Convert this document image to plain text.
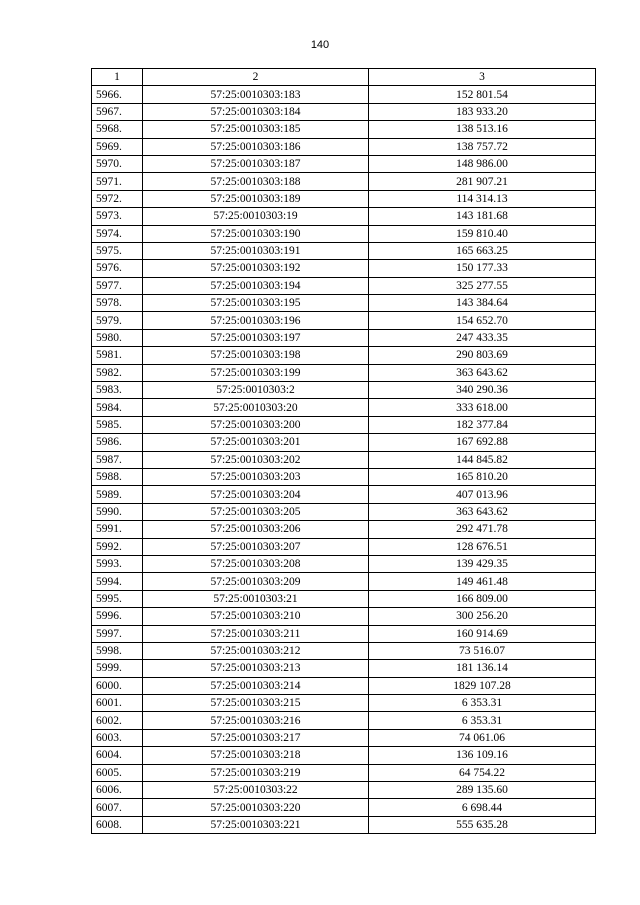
140
1	2	3
5966.	57:25:0010303:183	152 801.54
5967.	57:25:0010303:184	183 933.20
5968.	57:25:0010303:185	138 513.16
5969.	57:25:0010303:186	138 757.72
5970.	57:25:0010303:187	148 986.00
5971.	57:25:0010303:188	281 907.21
5972.	57:25:0010303:189	114 314.13
5973.	57:25:0010303:19	143 181.68
5974.	57:25:0010303:190	159 810.40
5975.	57:25:0010303:191	165 663.25
5976.	57:25:0010303:192	150 177.33
5977.	57:25:0010303:194	325 277.55
5978.	57:25:0010303:195	143 384.64
5979.	57:25:0010303:196	154 652.70
5980.	57:25:0010303:197	247 433.35
5981.	57:25:0010303:198	290 803.69
5982.	57:25:0010303:199	363 643.62
5983.	57:25:0010303:2	340 290.36
5984.	57:25:0010303:20	333 618.00
5985.	57:25:0010303:200	182 377.84
5986.	57:25:0010303:201	167 692.88
5987.	57:25:0010303:202	144 845.82
5988.	57:25:0010303:203	165 810.20
5989.	57:25:0010303:204	407 013.96
5990.	57:25:0010303:205	363 643.62
5991.	57:25:0010303:206	292 471.78
5992.	57:25:0010303:207	128 676.51
5993.	57:25:0010303:208	139 429.35
5994.	57:25:0010303:209	149 461.48
5995.	57:25:0010303:21	166 809.00
5996.	57:25:0010303:210	300 256.20
5997.	57:25:0010303:211	160 914.69
5998.	57:25:0010303:212	73 516.07
5999.	57:25:0010303:213	181 136.14
6000.	57:25:0010303:214	1829 107.28
6001.	57:25:0010303:215	6 353.31
6002.	57:25:0010303:216	6 353.31
6003.	57:25:0010303:217	74 061.06
6004.	57:25:0010303:218	136 109.16
6005.	57:25:0010303:219	64 754.22
6006.	57:25:0010303:22	289 135.60
6007.	57:25:0010303:220	6 698.44
6008.	57:25:0010303:221	555 635.28
